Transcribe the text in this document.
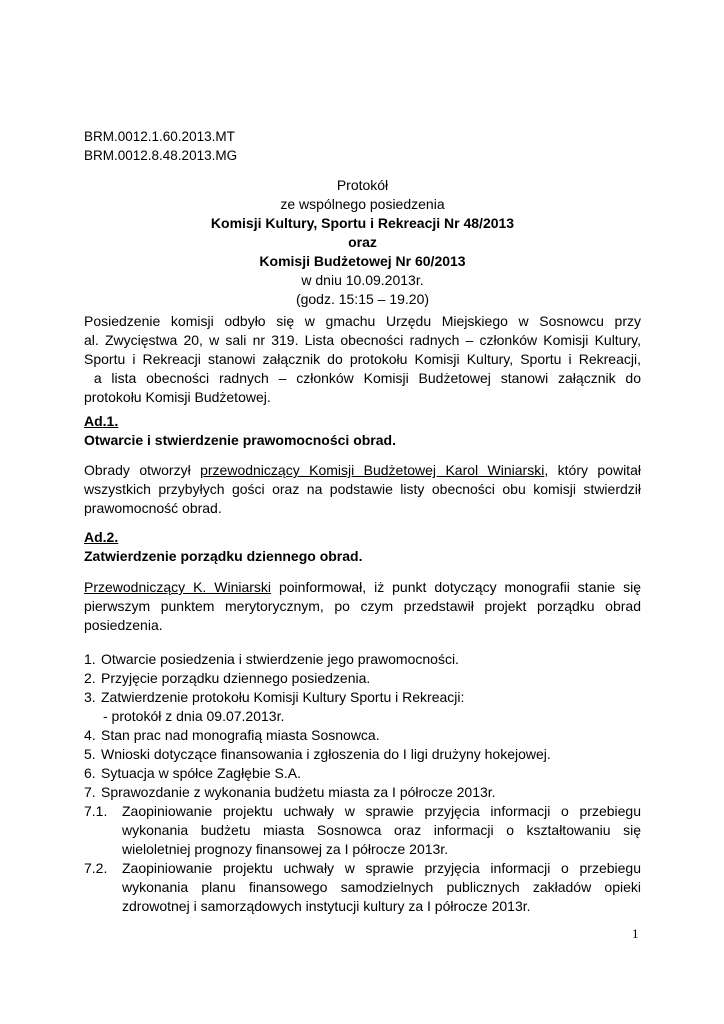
BRM.0012.1.60.2013.MT
BRM.0012.8.48.2013.MG
Protokół
ze wspólnego posiedzenia
Komisji Kultury, Sportu i Rekreacji Nr 48/2013
oraz
Komisji Budżetowej Nr 60/2013
w dniu 10.09.2013r.
(godz. 15:15 – 19.20)
Posiedzenie komisji odbyło się w gmachu Urzędu Miejskiego w Sosnowcu przy
al. Zwycięstwa 20, w sali nr 319. Lista obecności radnych – członków Komisji Kultury,
Sportu i Rekreacji stanowi załącznik do protokołu Komisji Kultury, Sportu i Rekreacji,
a lista obecności radnych – członków Komisji Budżetowej stanowi załącznik do
protokołu Komisji Budżetowej.
Ad.1.
Otwarcie i stwierdzenie prawomocności obrad.
Obrady otworzył przewodniczący Komisji Budżetowej Karol Winiarski, który powitał
wszystkich przybyłych gości oraz na podstawie listy obecności obu komisji stwierdził
prawomocność obrad.
Ad.2.
Zatwierdzenie porządku dziennego obrad.
Przewodniczący K. Winiarski poinformował, iż punkt dotyczący monografii stanie się
pierwszym punktem merytorycznym, po czym przedstawił projekt porządku obrad
posiedzenia.
1. Otwarcie posiedzenia i stwierdzenie jego prawomocności.
2. Przyjęcie porządku dziennego posiedzenia.
3. Zatwierdzenie protokołu Komisji Kultury Sportu i Rekreacji:
- protokół z dnia 09.07.2013r.
4. Stan prac nad monografią miasta Sosnowca.
5. Wnioski dotyczące finansowania i zgłoszenia do I ligi drużyny hokejowej.
6. Sytuacja w spółce Zagłębie S.A.
7. Sprawozdanie z wykonania budżetu miasta za I półrocze 2013r.
7.1.	Zaopiniowanie projektu uchwały w sprawie przyjęcia informacji o przebiegu wykonania budżetu miasta Sosnowca oraz informacji o kształtowaniu się wieloletniej prognozy finansowej za I półrocze 2013r.
7.2.	Zaopiniowanie projektu uchwały w sprawie przyjęcia informacji o przebiegu wykonania planu finansowego samodzielnych publicznych zakładów opieki zdrowotnej i samorządowych instytucji kultury za I półrocze 2013r.
1
